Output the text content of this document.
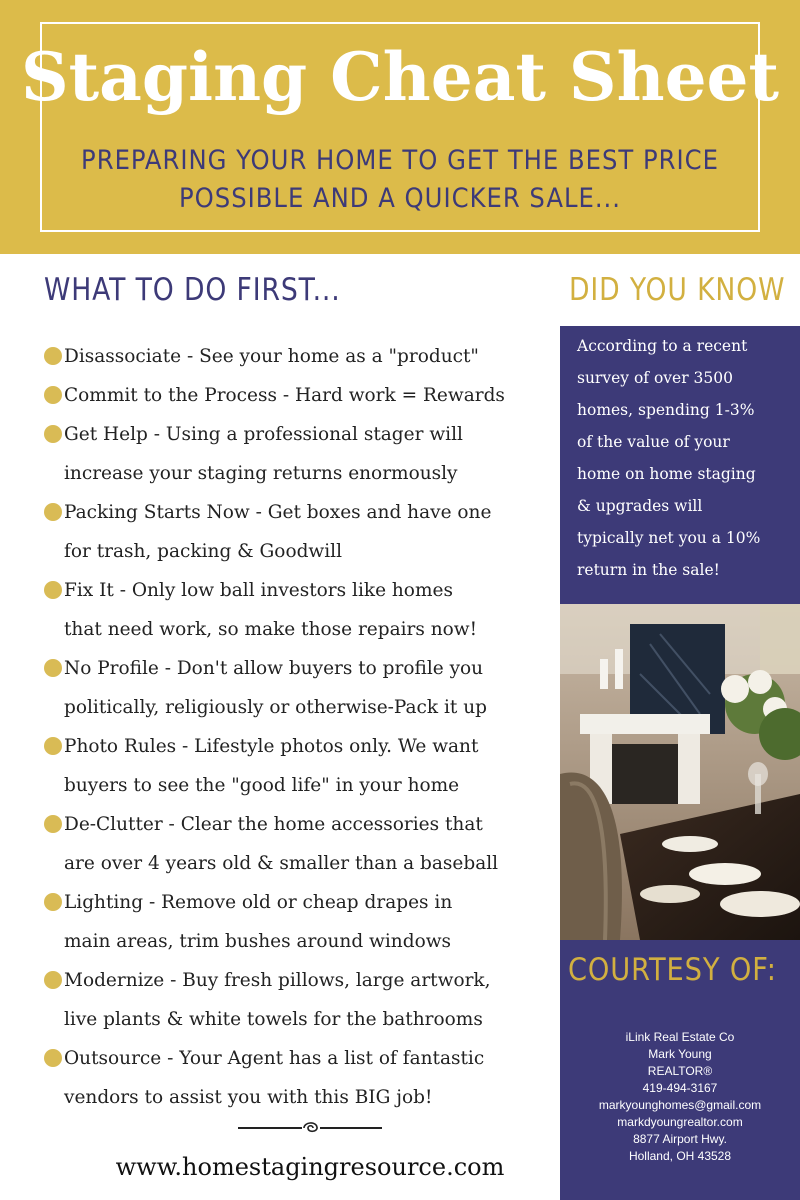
Staging Cheat Sheet
PREPARING YOUR HOME TO GET THE BEST PRICE
POSSIBLE AND A QUICKER SALE...
WHAT TO DO FIRST...
Disassociate - See your home as a "product"
Commit to the Process - Hard work = Rewards
Get Help - Using a professional stager will
increase your staging returns enormously
Packing Starts Now - Get boxes and have one
for trash, packing & Goodwill
Fix It - Only low ball investors like homes
that need work, so make those repairs now!
No Profile - Don't allow buyers to profile you
politically, religiously or otherwise-Pack it up
Photo Rules - Lifestyle photos only. We want
buyers to see the "good life" in your home
De-Clutter - Clear the home accessories that
are over 4 years old & smaller than a baseball
Lighting - Remove old or cheap drapes in
main areas, trim bushes around windows
Modernize - Buy fresh pillows, large artwork,
live plants & white towels for the bathrooms
Outsource - Your Agent has a list of fantastic
vendors to assist you with this BIG job!
www.homestagingresource.com
DID YOU KNOW
According to a recent
survey of over 3500
homes, spending 1-3%
of the value of your
home on home staging
& upgrades will
typically net you a 10%
return in the sale!
COURTESY OF:
iLink Real Estate Co
Mark Young
REALTOR®
419-494-3167
markyounghomes@gmail.com
markdyoungrealtor.com
8877 Airport Hwy.
Holland, OH 43528
